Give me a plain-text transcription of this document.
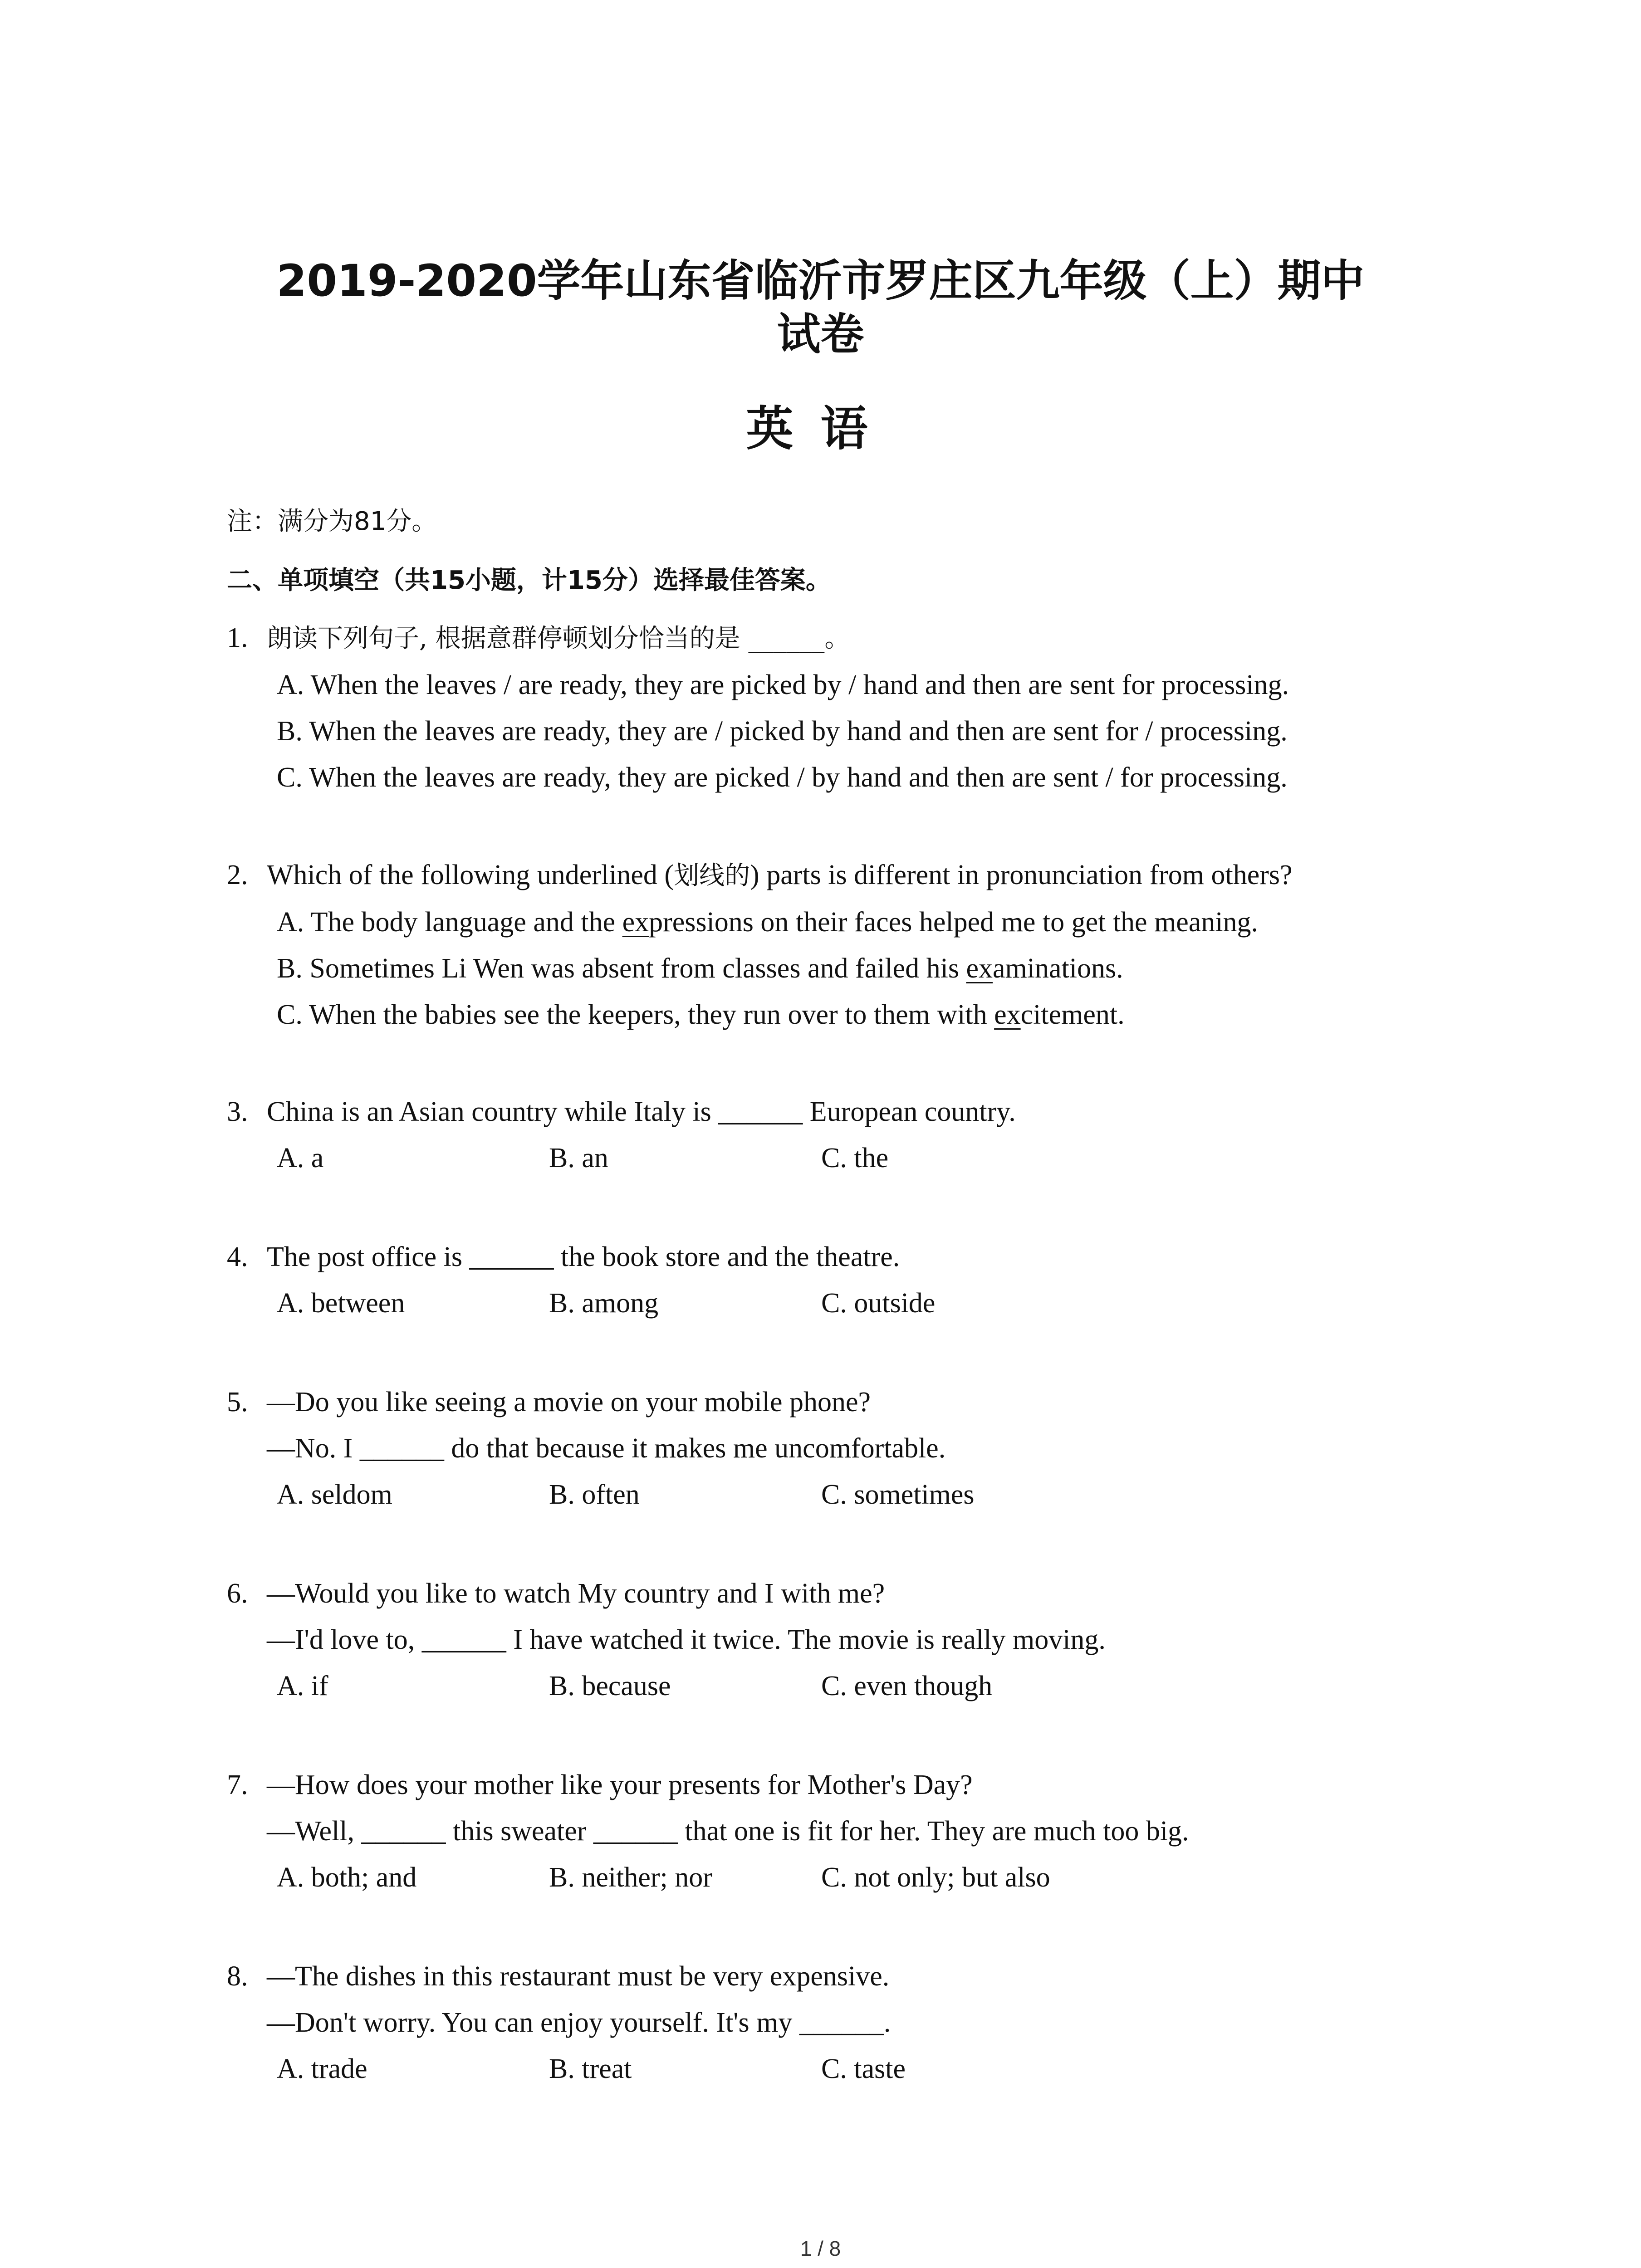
2019-2020学年山东省临沂市罗庄区九年级（上）期中
试卷
英语
注：满分为81分。
二、单项填空（共15小题，计15分）选择最佳答案。
1. 朗读下列句子, 根据意群停顿划分恰当的是 ______。
A. When the leaves / are ready, they are picked by / hand and then are sent for processing.
B. When the leaves are ready, they are / picked by hand and then are sent for / processing.
C. When the leaves are ready, they are picked / by hand and then are sent / for processing.
2. Which of the following underlined (划线的) parts is different in pronunciation from others?
A. The body language and the expressions on their faces helped me to get the meaning.
B. Sometimes Li Wen was absent from classes and failed his examinations.
C. When the babies see the keepers, they run over to them with excitement.
3. China is an Asian country while Italy is ______ European country.
A. a	B. an	C. the
4. The post office is ______ the book store and the theatre.
A. between	B. among	C. outside
5. —Do you like seeing a movie on your mobile phone?
—No. I ______ do that because it makes me uncomfortable.
A. seldom	B. often	C. sometimes
6. —Would you like to watch My country and I with me?
—I'd love to, ______ I have watched it twice. The movie is really moving.
A. if	B. because	C. even though
7. —How does your mother like your presents for Mother's Day?
—Well, ______ this sweater ______ that one is fit for her. They are much too big.
A. both; and	B. neither; nor	C. not only; but also
8. —The dishes in this restaurant must be very expensive.
—Don't worry. You can enjoy yourself. It's my ______.
A. trade	B. treat	C. taste
1 / 8
